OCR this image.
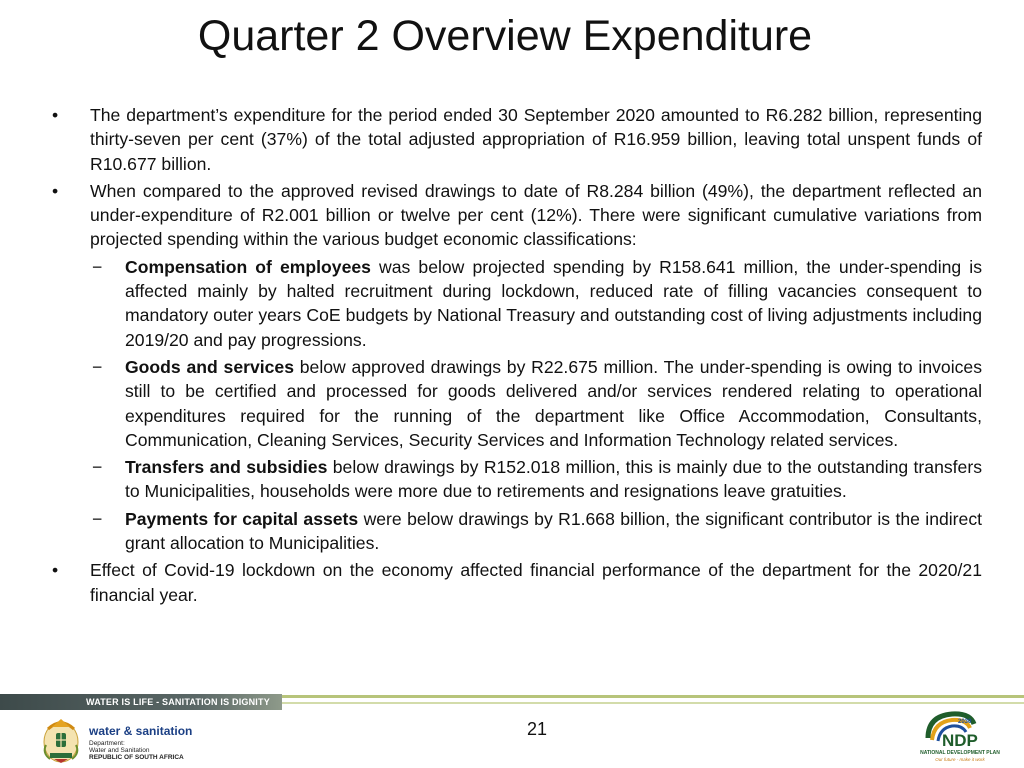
Quarter 2 Overview Expenditure
• The department’s expenditure for the period ended 30 September 2020 amounted to R6.282 billion, representing thirty-seven per cent (37%) of the total adjusted appropriation of R16.959 billion, leaving total unspent funds of R10.677 billion.
• When compared to the approved revised drawings to date of R8.284 billion (49%), the department reflected an under-expenditure of R2.001 billion or twelve per cent (12%). There were significant cumulative variations from projected spending within the various budget economic classifications:
− Compensation of employees was below projected spending by R158.641 million, the under-spending is affected mainly by halted recruitment during lockdown, reduced rate of filling vacancies consequent to mandatory outer years CoE budgets by National Treasury and outstanding cost of living adjustments including 2019/20 and pay progressions.
− Goods and services below approved drawings by R22.675 million. The under-spending is owing to invoices still to be certified and processed for goods delivered and/or services rendered relating to operational expenditures required for the running of the department like Office Accommodation, Consultants, Communication, Cleaning Services, Security Services and Information Technology related services.
− Transfers and subsidies below drawings by R152.018 million, this is mainly due to the outstanding transfers to Municipalities, households were more due to retirements and resignations leave gratuities.
− Payments for capital assets were below drawings by R1.668 billion, the significant contributor is the indirect grant allocation to Municipalities.
• Effect of Covid-19 lockdown on the economy affected financial performance of the department for the 2020/21 financial year.
WATER IS LIFE - SANITATION IS DIGNITY
21
water & sanitation
Department:
Water and Sanitation
REPUBLIC OF SOUTH AFRICA
2030
NDP
NATIONAL DEVELOPMENT PLAN
Our future - make it work
